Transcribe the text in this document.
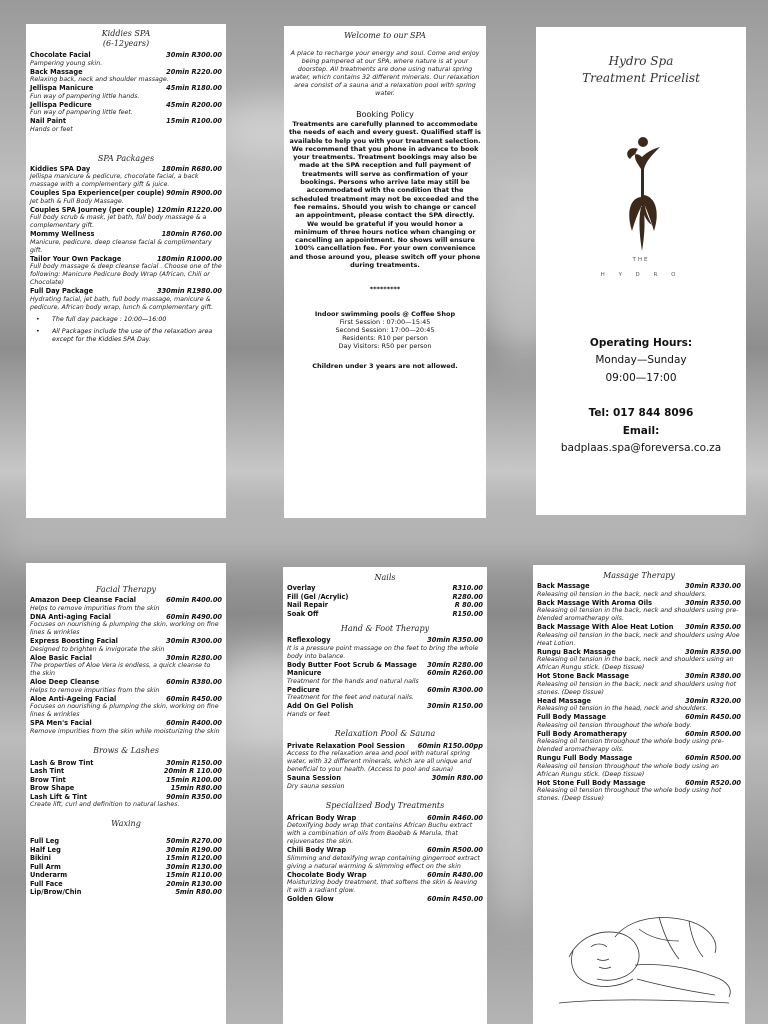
Kiddies SPA
(6-12years)
Chocolate Facial	30min R300.00
Pampering young skin.
Back Massage	20min R220.00
Relaxing back, neck and shoulder massage.
Jellispa Manicure	45min R180.00
Fun way of pampering little hands.
Jellispa Pedicure	45min R200.00
Fun way of pampering little feet.
Nail Paint	15min R100.00
Hands or feet
SPA Packages
Kiddies SPA Day	180min R680.00
Jellispa manicure & pedicure, chocolate facial, a back massage with a complementary gift & juice.
Couples Spa Experience(per couple) 90min R900.00
Jet bath & Full Body Massage.
Couples SPA Journey (per couple) 120min R1220.00
Full body scrub & mask, jet bath, full body massage & a complementary gift.
Mommy Wellness	180min R760.00
Manicure, pedicure, deep cleanse facial & complimentary gift.
Tailor Your Own Package	180min R1000.00
Full body massage & deep cleanse facial . Choose one of the following: Manicure Pedicure Body Wrap (African, Chili or Chocolate)
Full Day Package	330min R1980.00
Hydrating facial, jet bath, full body massage, manicure & pedicure, African body wrap, lunch & complementary gift.
•	The full day package : 10:00—16:00
•	All Packages include the use of the relaxation area except for the Kiddies SPA Day.
Welcome to our SPA
A place to recharge your energy and soul. Come and enjoy being pampered at our SPA, where nature is at your doorstep. All treatments are done using natural spring water, which contains 32 different minerals. Our relaxation area consist of a sauna and a relaxation pool with spring water.
Booking Policy
Treatments are carefully planned to accommodate the needs of each and every guest. Qualified staff is available to help you with your treatment selection. We recommend that you phone in advance to book your treatments. Treatment bookings may also be made at the SPA reception and full payment of treatments will serve as confirmation of your bookings. Persons who arrive late may still be accommodated with the condition that the scheduled treatment may not be exceeded and the fee remains. Should you wish to change or cancel an appointment, please contact the SPA directly. We would be grateful if you would honor a minimum of three hours notice when changing or cancelling an appointment. No shows will ensure 100% cancellation fee. For your own convenience and those around you, please switch off your phone during treatments.
*********
Indoor swimming pools @ Coffee Shop
First Session : 07:00—15:45
Second Session: 17:00—20:45
Residents: R10 per person
Day Visitors: R50 per person
Children under 3 years are not allowed.
Hydro Spa
Treatment Pricelist
THE
H Y D R O
Operating Hours:
Monday—Sunday
09:00—17:00
Tel: 017 844 8096
Email:
badplaas.spa@foreversa.co.za
Facial Therapy
Amazon Deep Cleanse Facial	60min R400.00
Helps to remove impurities from the skin
DNA Anti-aging Facial	60min R490.00
Focuses on nourishing & plumping the skin, working on fine lines & wrinkles
Express Boosting Facial	30min R300.00
Designed to brighten & invigorate the skin
Aloe Basic Facial	30min R280.00
The properties of Aloe Vera is endless, a quick cleanse to the skin
Aloe Deep Cleanse	60min R380.00
Helps to remove impurities from the skin
Aloe Anti-Ageing Facial	60min R450.00
Focuses on nourishing & plumping the skin, working on fine lines & wrinkles
SPA Men's Facial	60min R400.00
Remove impurities from the skin while moisturizing the skin
Brows & Lashes
Lash & Brow Tint	30min R150.00
Lash Tint	20min R 110.00
Brow Tint	15min R100.00
Brow Shape	15min R80.00
Lash Lift & Tint	90min R350.00
Create lift, curl and definition to natural lashes.
Waxing
Full Leg	50min R270.00
Half Leg	30min R190.00
Bikini	15min R120.00
Full Arm	30min R130.00
Underarm	15min R110.00
Full Face	20min R130.00
Lip/Brow/Chin	5min R80.00
Nails
Overlay	R310.00
Fill (Gel /Acrylic)	R280.00
Nail Repair	R 80.00
Soak Off	R150.00
Hand & Foot Therapy
Reflexology	30min R350.00
It is a pressure point massage on the feet to bring the whole body into balance.
Body Butter Foot Scrub & Massage 30min R280.00
Manicure	60min R260.00
Treatment for the hands and natural nails
Pedicure	60min R300.00
Treatment for the feet and natural nails.
Add On Gel Polish	30min R150.00
Hands or feet
Relaxation Pool & Sauna
Private Relaxation Pool Session 60min R150.00pp
Access to the relaxation area and pool with natural spring water, with 32 different minerals, which are all unique and beneficial to your health. (Access to pool and sauna)
Sauna Session	30min R80.00
Dry sauna session
Specialized Body Treatments
African Body Wrap	60min R460.00
Detoxifying body wrap that contains African Buchu extract with a combination of oils from Baobab & Marula, that rejuvenates the skin.
Chili Body Wrap	60min R500.00
Slimming and detoxifying wrap containing gingerroot extract giving a natural warming & slimming effect on the skin
Chocolate Body Wrap	60min R480.00
Moisturizing body treatment, that softens the skin & leaving it with a radiant glow.
Golden Glow	60min R450.00
Massage Therapy
Back Massage	30min R330.00
Releasing oil tension in the back, neck and shoulders.
Back Massage With Aroma Oils	30min R350.00
Releasing oil tension in the back, neck and shoulders using pre-blended aromatherapy oils.
Back Massage With Aloe Heat Lotion 30min R350.00
Releasing oil tension in the back, neck and shoulders using Aloe Heat Lotion.
Rungu Back Massage	30min R350.00
Releasing oil tension in the back, neck and shoulders using an African Rungu stick. (Deep tissue)
Hot Stone Back Massage	30min R380.00
Releasing oil tension in the back, neck and shoulders using hot stones. (Deep tissue)
Head Massage	30min R320.00
Releasing oil tension in the head, neck and shoulders.
Full Body Massage	60min R450.00
Releasing oil tension throughout the whole body.
Full Body Aromatherapy	60min R500.00
Releasing oil tension throughout the whole body using pre-blended aromatherapy oils.
Rungu Full Body Massage	60min R500.00
Releasing oil tension throughout the whole body using an African Rungu stick. (Deep tissue)
Hot Stone Full Body Massage	60min R520.00
Releasing oil tension throughout the whole body using hot stones. (Deep tissue)
